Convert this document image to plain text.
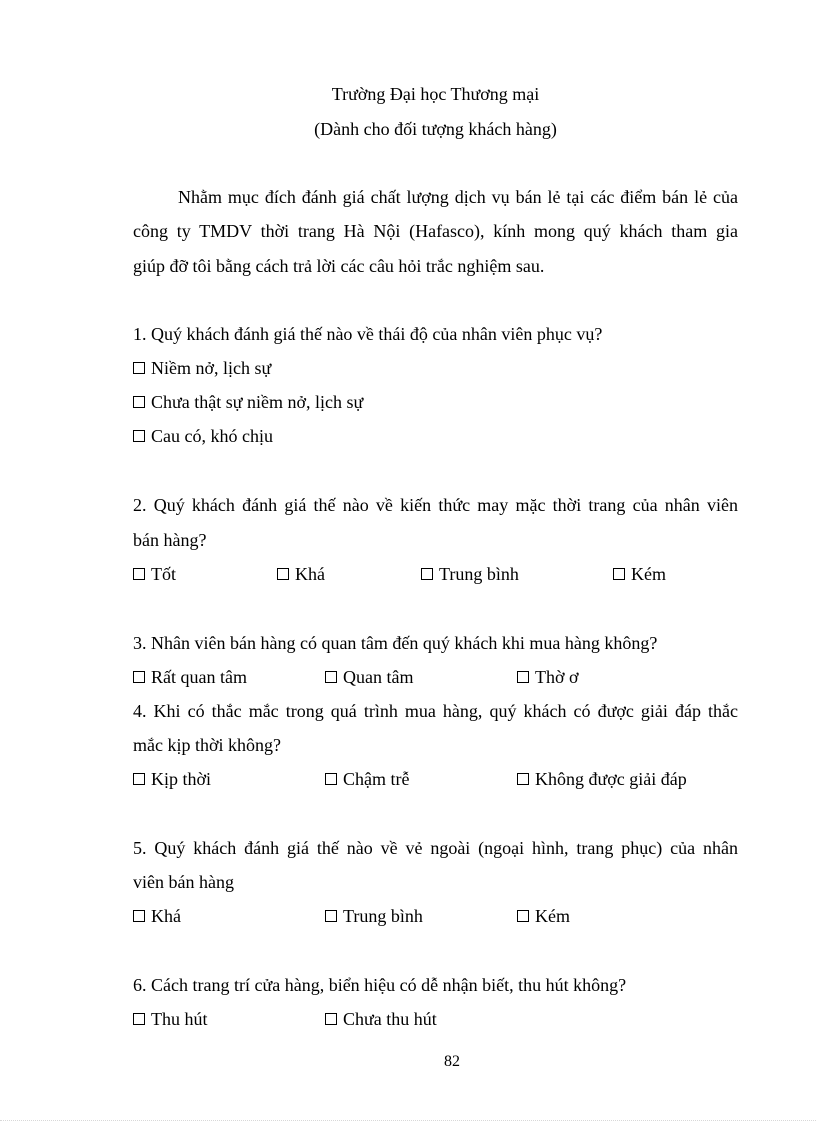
Trường Đại học Thương mại
(Dành cho đối tượng khách hàng)
Nhằm mục đích đánh giá chất lượng dịch vụ bán lẻ tại các điểm bán lẻ của
công ty TMDV thời trang Hà Nội (Hafasco), kính mong quý khách tham gia
giúp đỡ tôi bằng cách trả lời các câu hỏi trắc nghiệm sau.
1. Quý khách đánh giá thế nào về thái độ của nhân viên phục vụ?
Niềm nở, lịch sự
Chưa thật sự niềm nở, lịch sự
Cau có, khó chịu
2. Quý khách đánh giá thế nào về kiến thức may mặc thời trang của nhân viên
bán hàng?
Tốt	Khá	Trung bình	Kém
3. Nhân viên bán hàng có quan tâm đến quý khách khi mua hàng không?
Rất quan tâm	Quan tâm	Thờ ơ
4. Khi có thắc mắc trong quá trình mua hàng, quý khách có được giải đáp thắc
mắc kịp thời không?
Kịp thời	Chậm trễ	Không được giải đáp
5. Quý khách đánh giá thế nào về vẻ ngoài (ngoại hình, trang phục) của nhân
viên bán hàng
Khá	Trung bình	Kém
6. Cách trang trí cửa hàng, biển hiệu có dễ nhận biết, thu hút không?
Thu hút	Chưa thu hút
82
